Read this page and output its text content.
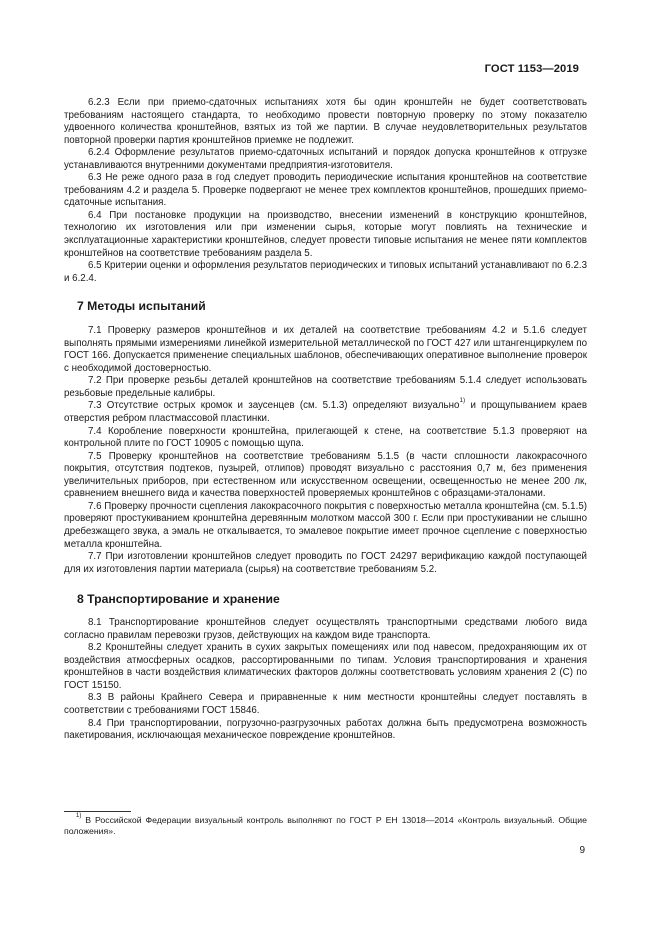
ГОСТ 1153—2019

6.2.3 Если при приемо-сдаточных испытаниях хотя бы один кронштейн не будет соответствовать требованиям настоящего стандарта, то необходимо провести повторную проверку по этому показателю удвоенного количества кронштейнов, взятых из той же партии. В случае неудовлетворительных результатов повторной проверки партия кронштейнов приемке не подлежит.

6.2.4 Оформление результатов приемо-сдаточных испытаний и порядок допуска кронштейнов к отгрузке устанавливаются внутренними документами предприятия-изготовителя.

6.3 Не реже одного раза в год следует проводить периодические испытания кронштейнов на соответствие требованиям 4.2 и раздела 5. Проверке подвергают не менее трех комплектов кронштейнов, прошедших приемо-сдаточные испытания.

6.4 При постановке продукции на производство, внесении изменений в конструкцию кронштейнов, технологию их изготовления или при изменении сырья, которые могут повлиять на технические и эксплуатационные характеристики кронштейнов, следует провести типовые испытания не менее пяти комплектов кронштейнов на соответствие требованиям раздела 5.

6.5 Критерии оценки и оформления результатов периодических и типовых испытаний устанавливают по 6.2.3 и 6.2.4.

7 Методы испытаний

7.1 Проверку размеров кронштейнов и их деталей на соответствие требованиям 4.2 и 5.1.6 следует выполнять прямыми измерениями линейкой измерительной металлической по ГОСТ 427 или штангенциркулем по ГОСТ 166. Допускается применение специальных шаблонов, обеспечивающих оперативное выполнение проверок с необходимой достоверностью.

7.2 При проверке резьбы деталей кронштейнов на соответствие требованиям 5.1.4 следует использовать резьбовые предельные калибры.

7.3 Отсутствие острых кромок и заусенцев (см. 5.1.3) определяют визуально$^{1)}$ и прощупыванием краев отверстия ребром пластмассовой пластинки.

7.4 Коробление поверхности кронштейна, прилегающей к стене, на соответствие 5.1.3 проверяют на контрольной плите по ГОСТ 10905 с помощью щупа.

7.5 Проверку кронштейнов на соответствие требованиям 5.1.5 (в части сплошности лакокрасочного покрытия, отсутствия подтеков, пузырей, отлипов) проводят визуально с расстояния 0,7 м, без применения увеличительных приборов, при естественном или искусственном освещении, освещенностью не менее 200 лк, сравнением внешнего вида и качества поверхностей проверяемых кронштейнов с образцами-эталонами.

7.6 Проверку прочности сцепления лакокрасочного покрытия с поверхностью металла кронштейна (см. 5.1.5) проверяют простукиванием кронштейна деревянным молотком массой 300 г. Если при простукивании не слышно дребезжащего звука, а эмаль не откалывается, то эмалевое покрытие имеет прочное сцепление с поверхностью металла кронштейна.

7.7 При изготовлении кронштейнов следует проводить по ГОСТ 24297 верификацию каждой поступающей для их изготовления партии материала (сырья) на соответствие требованиям 5.2.

8 Транспортирование и хранение

8.1 Транспортирование кронштейнов следует осуществлять транспортными средствами любого вида согласно правилам перевозки грузов, действующих на каждом виде транспорта.

8.2 Кронштейны следует хранить в сухих закрытых помещениях или под навесом, предохраняющим их от воздействия атмосферных осадков, рассортированными по типам. Условия транспортирования и хранения кронштейнов в части воздействия климатических факторов должны соответствовать условиям хранения 2 (С) по ГОСТ 15150.

8.3 В районы Крайнего Севера и приравненные к ним местности кронштейны следует поставлять в соответствии с требованиями ГОСТ 15846.

8.4 При транспортировании, погрузочно-разгрузочных работах должна быть предусмотрена возможность пакетирования, исключающая механическое повреждение кронштейнов.

$^{1)}$ В Российской Федерации визуальный контроль выполняют по ГОСТ Р ЕН 13018—2014 «Контроль визуальный. Общие положения».

9
